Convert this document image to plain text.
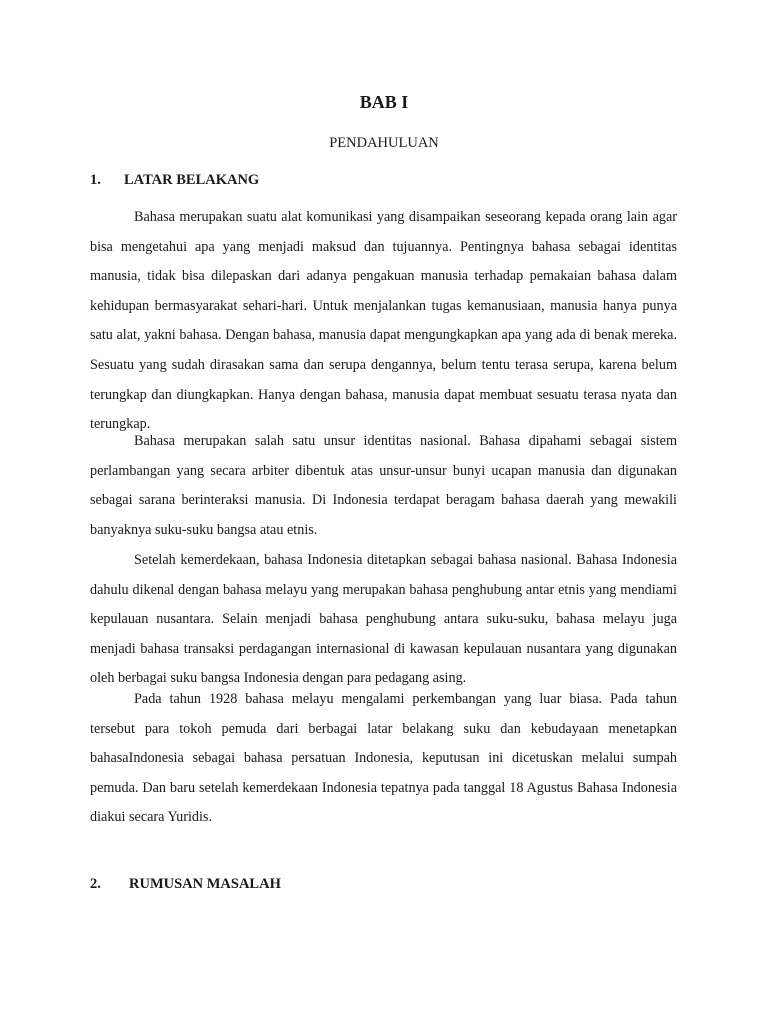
BAB I
PENDAHULUAN
1. LATAR BELAKANG

Bahasa merupakan suatu alat komunikasi yang disampaikan seseorang kepada orang lain agar bisa mengetahui apa yang menjadi maksud dan tujuannya. Pentingnya bahasa sebagai identitas manusia, tidak bisa dilepaskan dari adanya pengakuan manusia terhadap pemakaian bahasa dalam kehidupan bermasyarakat sehari-hari. Untuk menjalankan tugas kemanusiaan, manusia hanya punya satu alat, yakni bahasa. Dengan bahasa, manusia dapat mengungkapkan apa yang ada di benak mereka. Sesuatu yang sudah dirasakan sama dan serupa dengannya, belum tentu terasa serupa, karena belum terungkap dan diungkapkan. Hanya dengan bahasa, manusia dapat membuat sesuatu terasa nyata dan terungkap.

Bahasa merupakan salah satu unsur identitas nasional. Bahasa dipahami sebagai sistem perlambangan yang secara arbiter dibentuk atas unsur-unsur bunyi ucapan manusia dan digunakan sebagai sarana berinteraksi manusia. Di Indonesia terdapat beragam bahasa daerah yang mewakili banyaknya suku-suku bangsa atau etnis.

Setelah kemerdekaan, bahasa Indonesia ditetapkan sebagai bahasa nasional. Bahasa Indonesia dahulu dikenal dengan bahasa melayu yang merupakan bahasa penghubung antar etnis yang mendiami kepulauan nusantara. Selain menjadi bahasa penghubung antara suku-suku, bahasa melayu juga menjadi bahasa transaksi perdagangan internasional di kawasan kepulauan nusantara yang digunakan oleh berbagai suku bangsa Indonesia dengan para pedagang asing.

Pada tahun 1928 bahasa melayu mengalami perkembangan yang luar biasa. Pada tahun tersebut para tokoh pemuda dari berbagai latar belakang suku dan kebudayaan menetapkan bahasaIndonesia sebagai bahasa persatuan Indonesia, keputusan ini dicetuskan melalui sumpah pemuda. Dan baru setelah kemerdekaan Indonesia tepatnya pada tanggal 18 Agustus Bahasa Indonesia diakui secara Yuridis.

2. RUMUSAN MASALAH
